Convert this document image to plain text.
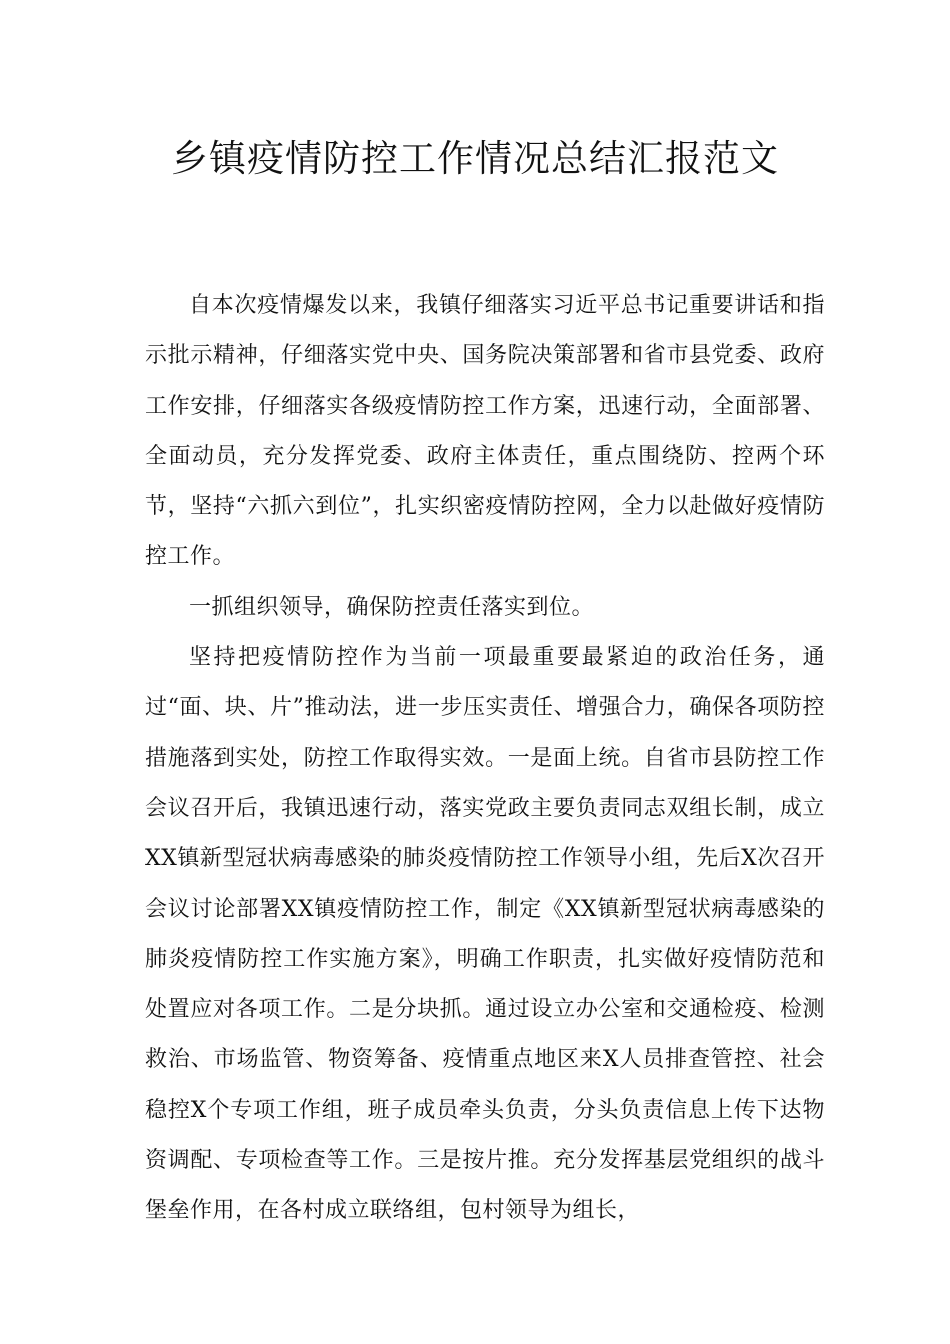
乡镇疫情防控工作情况总结汇报范文

自本次疫情爆发以来，我镇仔细落实习近平总书记重要讲话和指示批示精神，仔细落实党中央、国务院决策部署和省市县党委、政府工作安排，仔细落实各级疫情防控工作方案，迅速行动，全面部署、全面动员，充分发挥党委、政府主体责任，重点围绕防、控两个环节，坚持“六抓六到位”，扎实织密疫情防控网，全力以赴做好疫情防控工作。

一抓组织领导，确保防控责任落实到位。

坚持把疫情防控作为当前一项最重要最紧迫的政治任务，通过“面、块、片”推动法，进一步压实责任、增强合力，确保各项防控措施落到实处，防控工作取得实效。一是面上统。自省市县防控工作会议召开后，我镇迅速行动，落实党政主要负责同志双组长制，成立XX镇新型冠状病毒感染的肺炎疫情防控工作领导小组，先后X次召开会议讨论部署XX镇疫情防控工作，制定《XX镇新型冠状病毒感染的肺炎疫情防控工作实施方案》，明确工作职责，扎实做好疫情防范和处置应对各项工作。二是分块抓。通过设立办公室和交通检疫、检测救治、市场监管、物资筹备、疫情重点地区来X人员排查管控、社会稳控X个专项工作组，班子成员牵头负责，分头负责信息上传下达物资调配、专项检查等工作。三是按片推。充分发挥基层党组织的战斗堡垒作用，在各村成立联络组，包村领导为组长，
